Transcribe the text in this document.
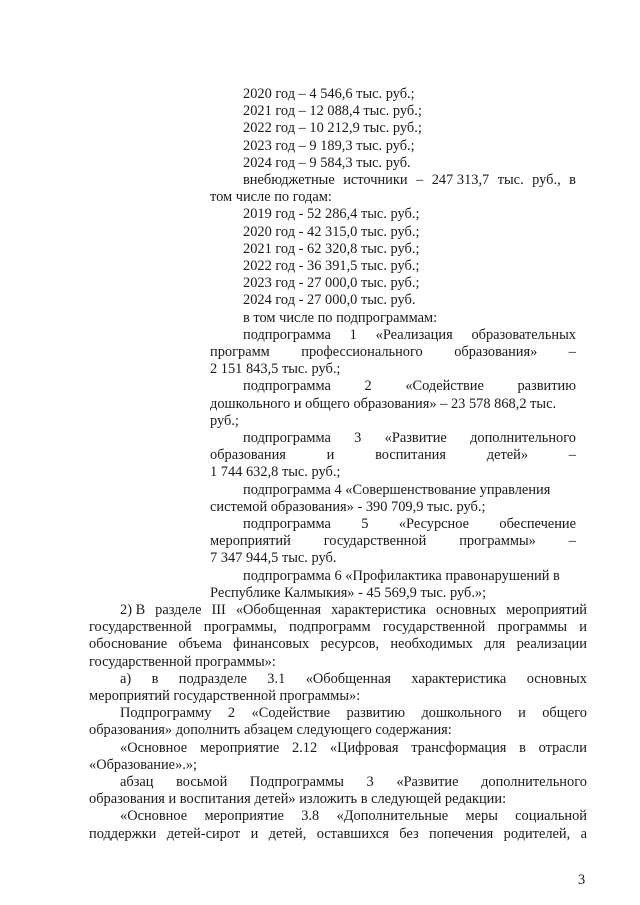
2020 год – 4 546,6 тыс. руб.;
2021 год – 12 088,4 тыс. руб.;
2022 год – 10 212,9 тыс. руб.;
2023 год – 9 189,3 тыс. руб.;
2024 год – 9 584,3 тыс. руб.
внебюджетные источники – 247 313,7 тыс. руб., в
том числе по годам:
2019 год - 52 286,4 тыс. руб.;
2020 год - 42 315,0 тыс. руб.;
2021 год - 62 320,8 тыс. руб.;
2022 год - 36 391,5 тыс. руб.;
2023 год - 27 000,0 тыс. руб.;
2024 год - 27 000,0 тыс. руб.
в том числе по подпрограммам:
подпрограмма 1 «Реализация образовательных
программ профессионального образования» –
2 151 843,5 тыс. руб.;
подпрограмма 2 «Содействие развитию
дошкольного и общего образования» – 23 578 868,2 тыс.
руб.;
подпрограмма 3 «Развитие дополнительного
образования	и	воспитания	детей»	–
1 744 632,8 тыс. руб.;
подпрограмма 4 «Совершенствование управления
системой образования» - 390 709,9 тыс. руб.;
подпрограмма 5 «Ресурсное обеспечение
мероприятий государственной программы» –
7 347 944,5 тыс. руб.
подпрограмма 6 «Профилактика правонарушений в
Республике Калмыкия» - 45 569,9 тыс. руб.»;
2) В разделе III «Обобщенная характеристика основных мероприятий
государственной программы, подпрограмм государственной программы и
обоснование объема финансовых ресурсов, необходимых для реализации
государственной программы»:
а) в подразделе 3.1 «Обобщенная характеристика основных
мероприятий государственной программы»:
Подпрограмму 2 «Содействие развитию дошкольного и общего
образования» дополнить абзацем следующего содержания:
«Основное мероприятие 2.12 «Цифровая трансформация в отрасли
«Образование».»;
абзац восьмой Подпрограммы 3 «Развитие дополнительного
образования и воспитания детей» изложить в следующей редакции:
«Основное мероприятие 3.8 «Дополнительные меры социальной
поддержки детей-сирот и детей, оставшихся без попечения родителей, а
3
